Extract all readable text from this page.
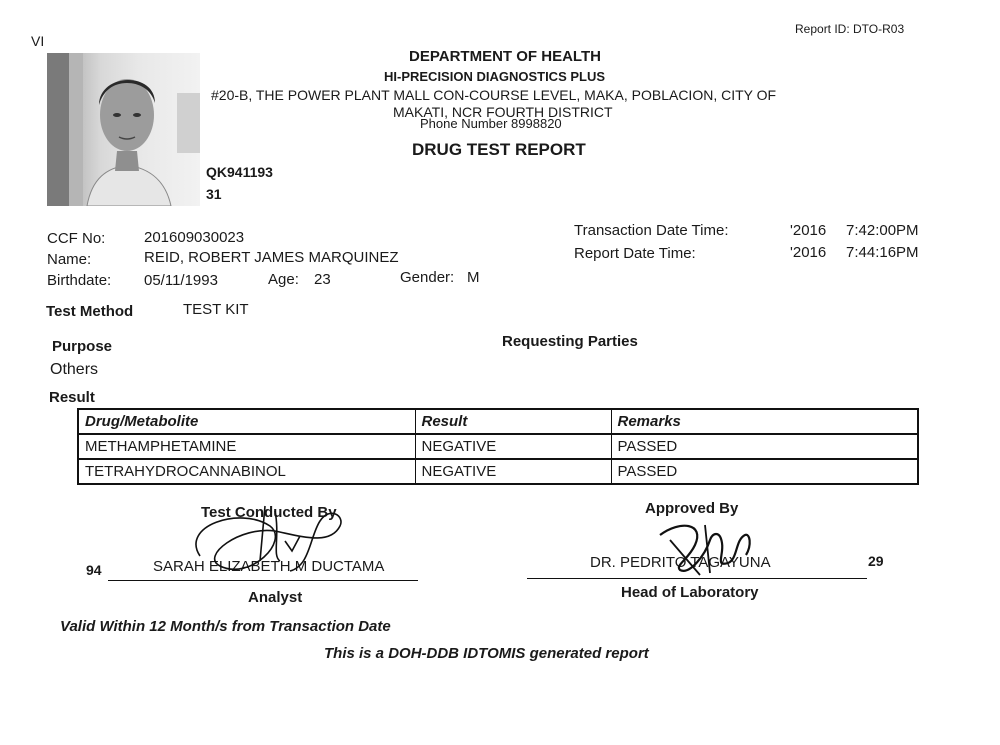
Report ID: DTO-R03
VI
DEPARTMENT OF HEALTH
HI-PRECISION DIAGNOSTICS PLUS
#20-B, THE POWER PLANT MALL CON-COURSE LEVEL, MAKA, POBLACION, CITY OF
MAKATI, NCR FOURTH DISTRICT
Phone Number 8998820
DRUG TEST REPORT
QK941193
31
CCF No:	201609030023
Name:	REID, ROBERT JAMES MARQUINEZ
Birthdate: 05/11/1993	Age: 23	Gender: M
Transaction Date Time:	'2016 7:42:00PM
Report Date Time:	'2016 7:44:16PM
Test Method	TEST KIT
Purpose
Others
Requesting Parties
Result
Drug/Metabolite	Result	Remarks
METHAMPHETAMINE	NEGATIVE	PASSED
TETRAHYDROCANNABINOL	NEGATIVE	PASSED
Test Conducted By
94	SARAH ELIZABETH M DUCTAMA
Analyst
Approved By
DR. PEDRITO TAGAYUNA	29
Head of Laboratory
Valid Within 12 Month/s from Transaction Date
This is a DOH-DDB IDTOMIS generated report
